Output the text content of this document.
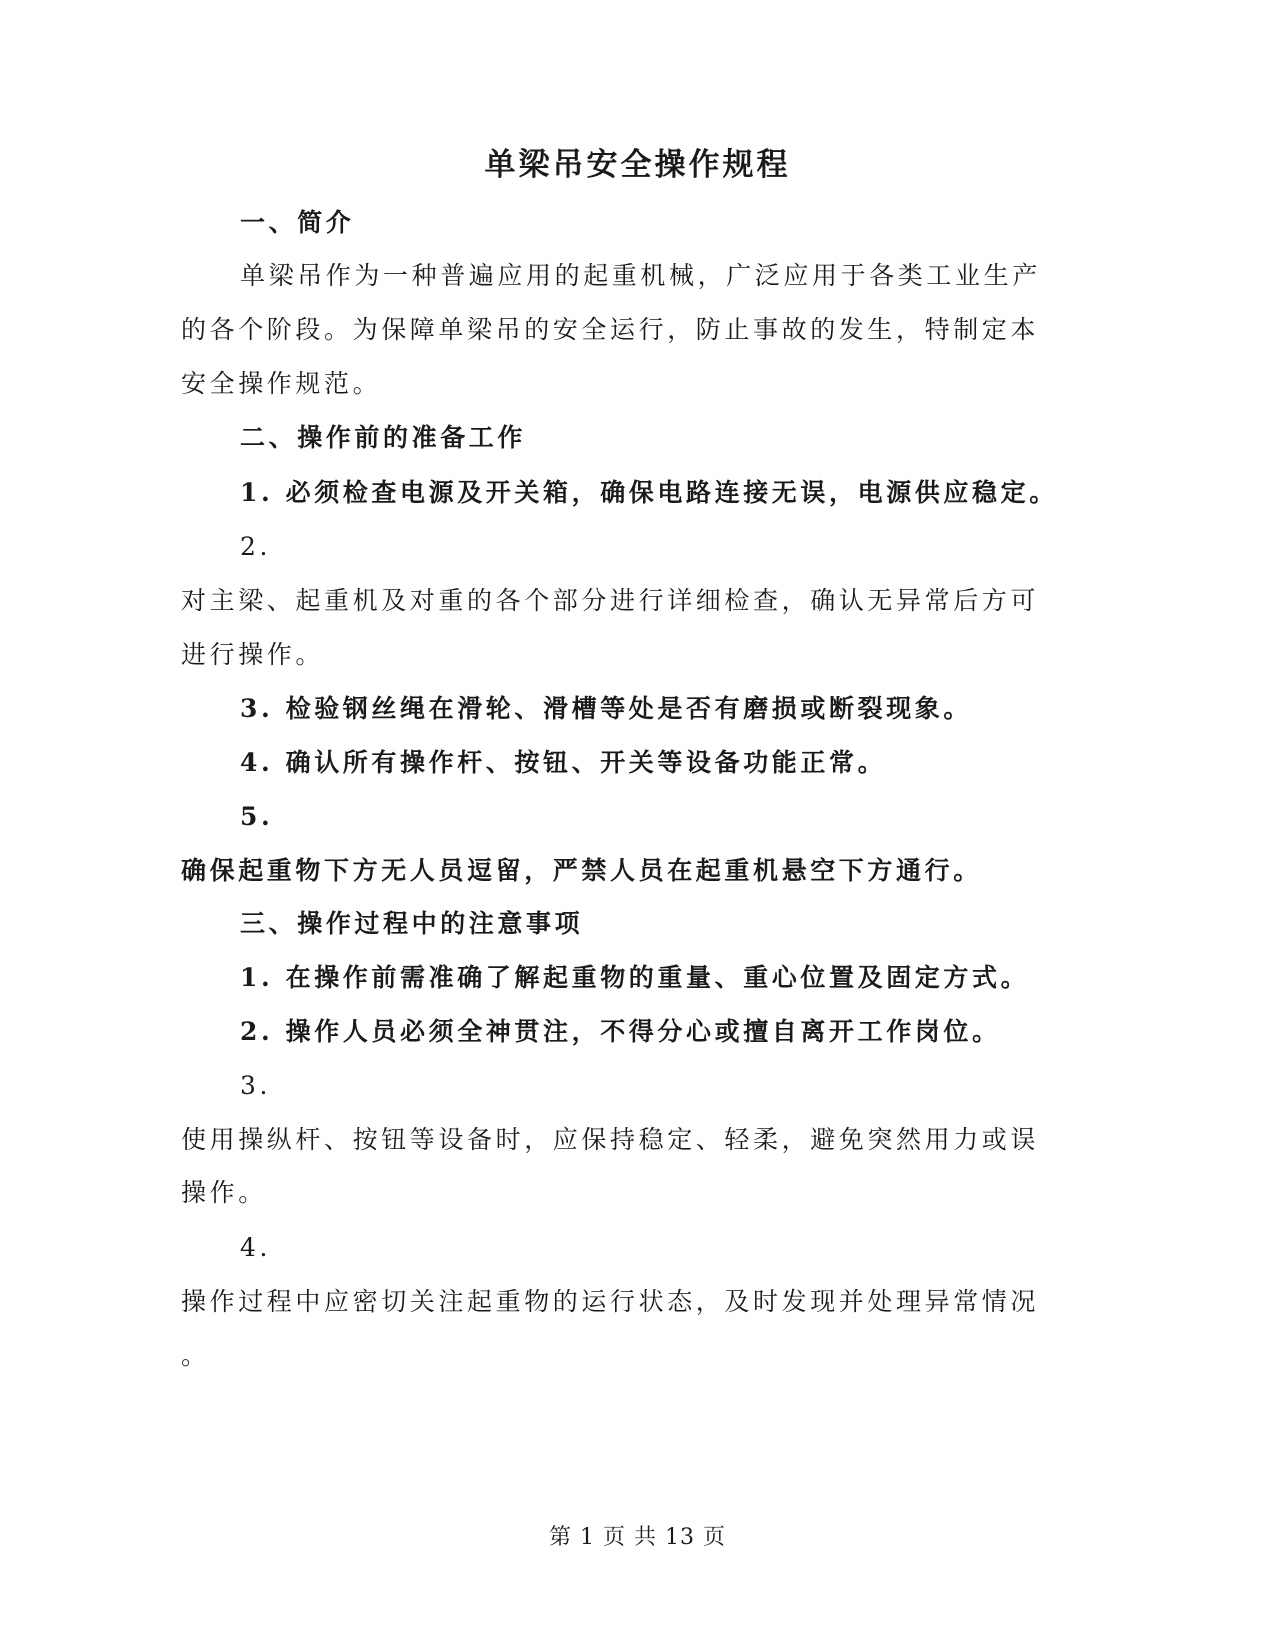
单梁吊安全操作规程
一、简介
单梁吊作为一种普遍应用的起重机械，广泛应用于各类工业生产
的各个阶段。为保障单梁吊的安全运行，防止事故的发生，特制定本
安全操作规范。
二、操作前的准备工作
1. 必须检查电源及开关箱，确保电路连接无误，电源供应稳定。
2.
对主梁、起重机及对重的各个部分进行详细检查，确认无异常后方可
进行操作。
3. 检验钢丝绳在滑轮、滑槽等处是否有磨损或断裂现象。
4. 确认所有操作杆、按钮、开关等设备功能正常。
5.
确保起重物下方无人员逗留，严禁人员在起重机悬空下方通行。
三、操作过程中的注意事项
1. 在操作前需准确了解起重物的重量、重心位置及固定方式。
2. 操作人员必须全神贯注，不得分心或擅自离开工作岗位。
3.
使用操纵杆、按钮等设备时，应保持稳定、轻柔，避免突然用力或误
操作。
4.
操作过程中应密切关注起重物的运行状态，及时发现并处理异常情况
。
第 1 页 共 13 页
